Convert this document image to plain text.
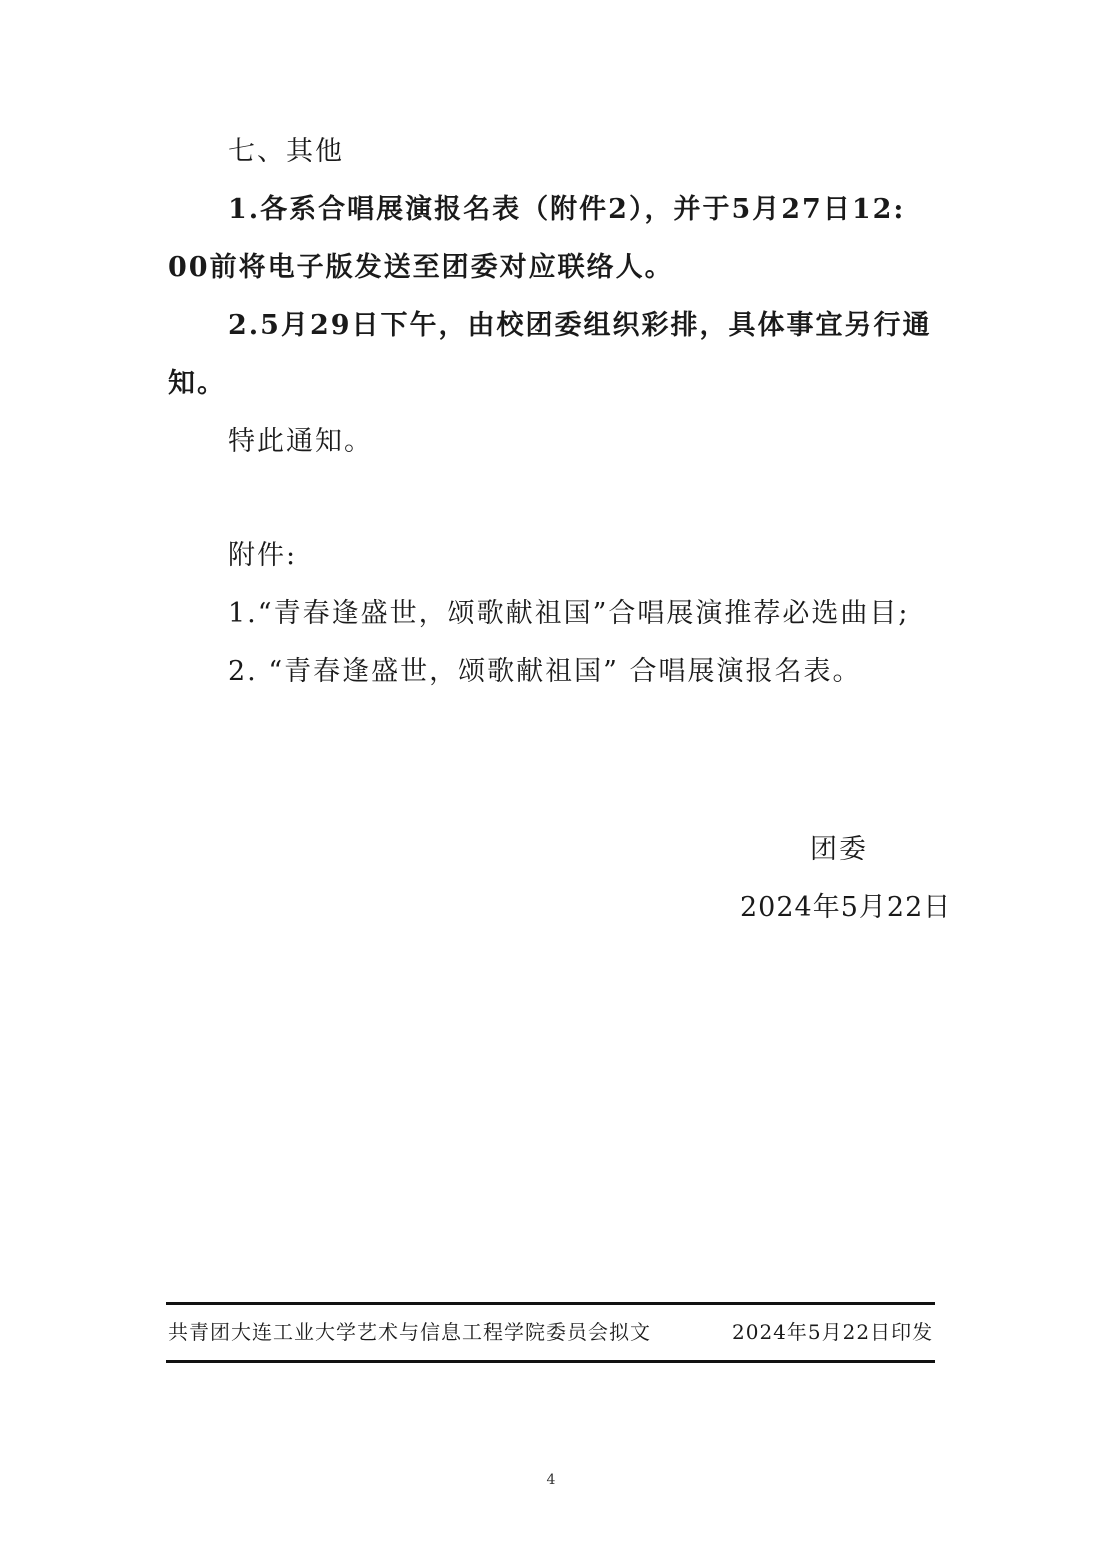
七、其他
1.各系合唱展演报名表（附件2），并于5月27日12:
00前将电子版发送至团委对应联络人。
2.5月29日下午，由校团委组织彩排，具体事宜另行通
知。
特此通知。
附件:
1.“青春逢盛世，颂歌献祖国”合唱展演推荐必选曲目;
2. “青春逢盛世，颂歌献祖国” 合唱展演报名表。
团委
2024年5月22日
共青团大连工业大学艺术与信息工程学院委员会拟文	2024年5月22日印发
4
